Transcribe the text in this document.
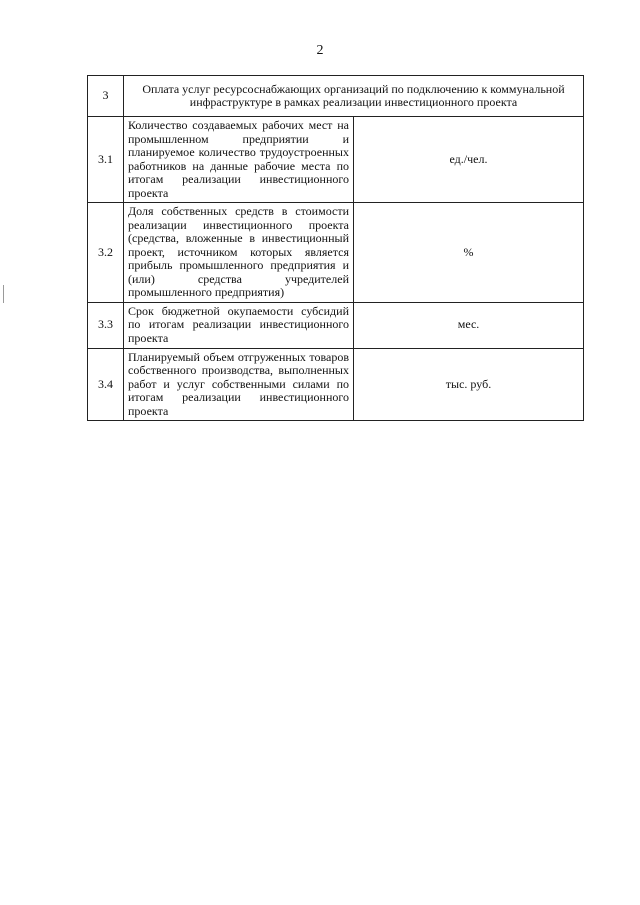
2
3	Оплата услуг ресурсоснабжающих организаций по подключению к коммунальной инфраструктуре в рамках реализации инвестиционного проекта	
3.1	Количество создаваемых рабочих мест на промышленном предприятии и планируемое количество трудоустроенных работников на данные рабочие места по итогам реализации инвестиционного проекта	ед./чел.
3.2	Доля собственных средств в стоимости реализации инвестиционного проекта (средства, вложенные в инвестиционный проект, источником которых является прибыль промышленного предприятия и (или) средства учредителей промышленного предприятия)	%
3.3	Срок бюджетной окупаемости субсидий по итогам реализации инвестиционного проекта	мес.
3.4	Планируемый объем отгруженных товаров собственного производства, выполненных работ и услуг собственными силами по итогам реализации инвестиционного проекта	тыс. руб.
